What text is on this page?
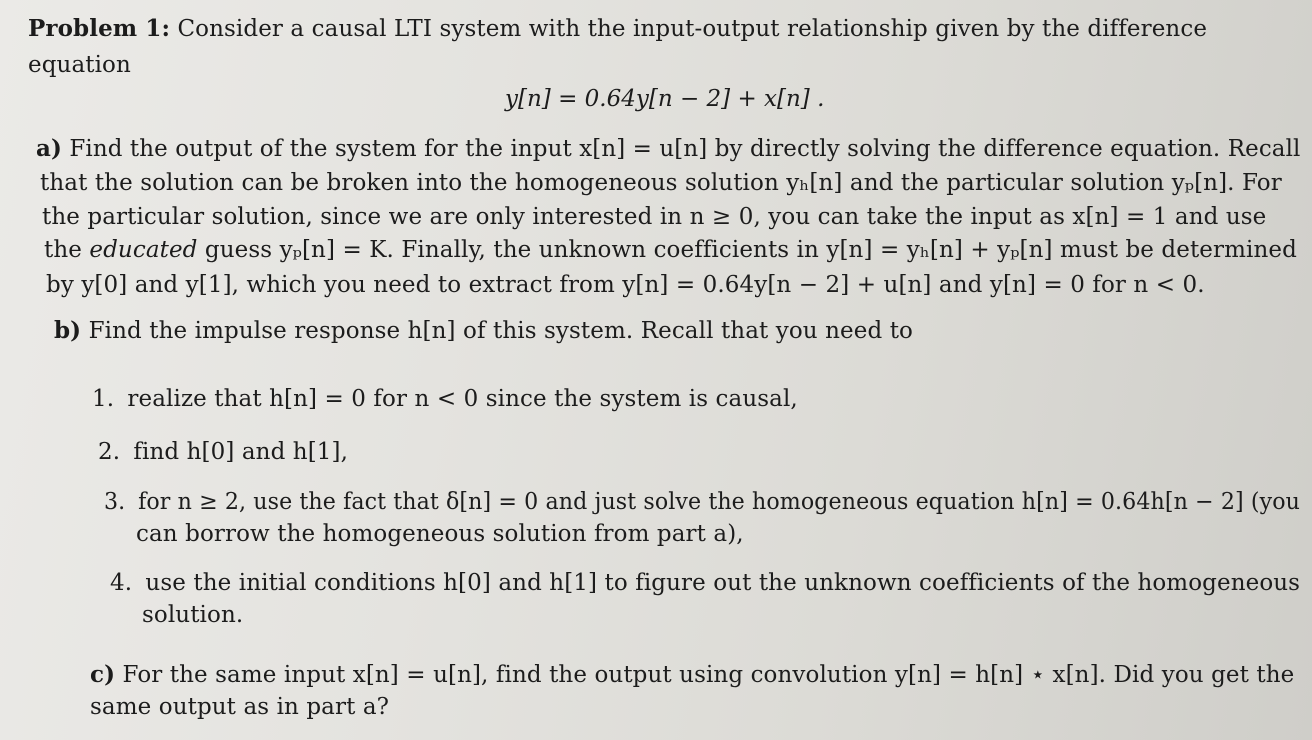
Problem 1: Consider a causal LTI system with the input-output relationship given by the difference
equation
y[n] = 0.64y[n − 2] + x[n] .
a) Find the output of the system for the input x[n] = u[n] by directly solving the difference equation. Recall
that the solution can be broken into the homogeneous solution yₕ[n] and the particular solution yₚ[n]. For
the particular solution, since we are only interested in n ≥ 0, you can take the input as x[n] = 1 and use
the educated guess yₚ[n] = K. Finally, the unknown coefficients in y[n] = yₕ[n] + yₚ[n] must be determined
by y[0] and y[1], which you need to extract from y[n] = 0.64y[n − 2] + u[n] and y[n] = 0 for n < 0.
b) Find the impulse response h[n] of this system. Recall that you need to
1. realize that h[n] = 0 for n < 0 since the system is causal,
2. find h[0] and h[1],
3. for n ≥ 2, use the fact that δ[n] = 0 and just solve the homogeneous equation h[n] = 0.64h[n − 2] (you
can borrow the homogeneous solution from part a),
4. use the initial conditions h[0] and h[1] to figure out the unknown coefficients of the homogeneous
solution.
c) For the same input x[n] = u[n], find the output using convolution y[n] = h[n] ⋆ x[n]. Did you get the
same output as in part a?
